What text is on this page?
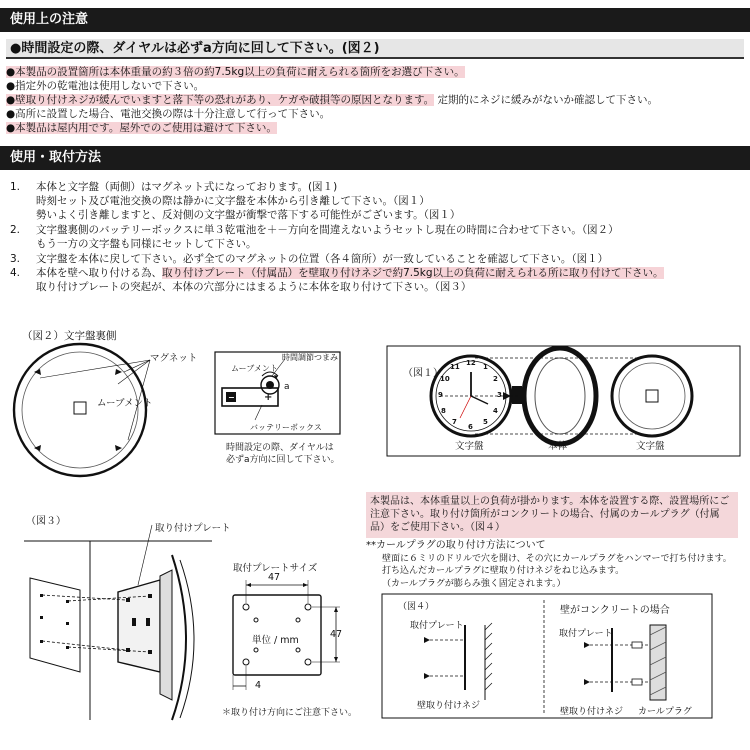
使用上の注意
●時間設定の際、ダイヤルは必ずa方向に回して下さい。(図２)
●本製品の設置箇所は本体重量の約３倍の約7.5kg以上の負荷に耐えられる箇所をお選び下さい。
●指定外の乾電池は使用しないで下さい。
●壁取り付けネジが緩んでいますと落下等の恐れがあり、ケガや破損等の原因となります。 定期的にネジに緩みがないか確認して下さい。
●高所に設置した場合、電池交換の際は十分注意して行って下さい。
●本製品は屋内用です。屋外でのご使用は避けて下さい。
使用・取付方法
1. 本体と文字盤（両側）はマグネット式になっております。(図１)
時刻セット及び電池交換の際は静かに文字盤を本体から引き離して下さい。（図１）
勢いよく引き離しますと、反対側の文字盤が衝撃で落下する可能性がございます。（図１）
2. 文字盤裏側のバッテリーボックスに単３乾電池を＋－方向を間違えないようセットし現在の時間に合わせて下さい。（図２）
もう一方の文字盤も同様にセットして下さい。
3. 文字盤を本体に戻して下さい。必ず全てのマグネットの位置（各４箇所）が一致していることを確認して下さい。（図１）
4. 本体を壁へ取り付ける為、取り付けプレート（付属品）を壁取り付けネジで約7.5kg以上の負荷に耐えられる所に取り付けて下さい。
取り付けプレートの突起が、本体の穴部分にはまるように本体を取り付けて下さい。（図３）
（図２）文字盤裏側
ムーブメント
マグネット
ムーブメント
時間調節つまみ
a
−	+
バッテリーボックス
時間設定の際、ダイヤルは
必ずa方向に回して下さい。
（図１）
12 1
2
3
4
5
6
7
8
9
10
11
文字盤	本体	文字盤
（図３）
取り付けプレート
取付プレートサイズ
47
47
単位 / mm
4
＊取り付け方向にご注意下さい。
本製品は、本体重量以上の負荷が掛かります。本体を設置する際、設置場所にご注意下さい。取り付け箇所がコンクリートの場合、付属のカールプラグ（付属品）をご使用下さい。（図４）
**カールプラグの取り付け方法について
壁面に６ミリのドリルで穴を開け、その穴にカールプラグをハンマーで打ち付けます。
打ち込んだカールプラグに壁取り付けネジをねじ込みます。
（カールプラグが膨らみ強く固定されます。）
（図４）	壁がコンクリートの場合
取付プレート
取付プレート
壁取り付けネジ
壁取り付けネジ カールプラグ
